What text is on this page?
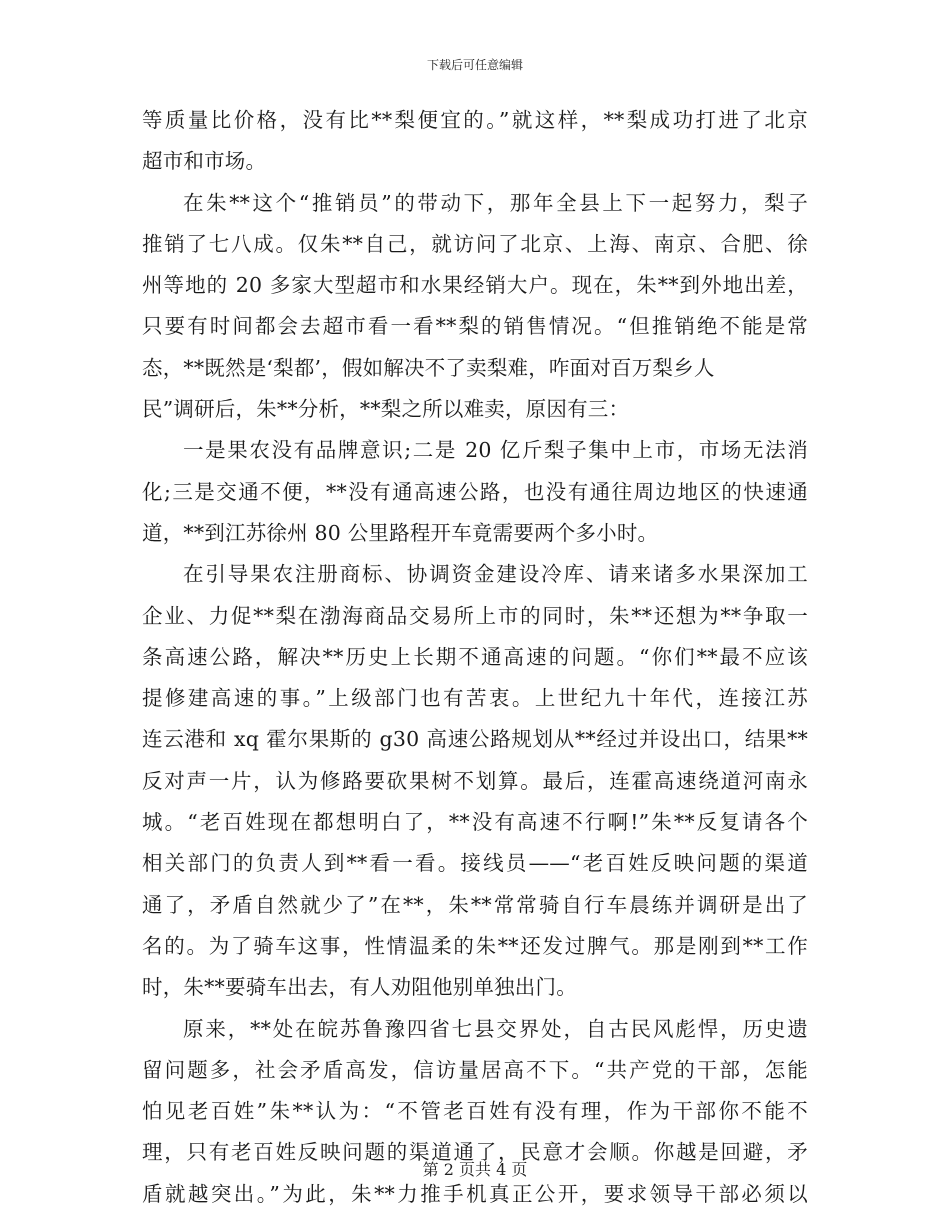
下载后可任意编辑
等质量比价格，没有比**梨便宜的。”就这样，**梨成功打进了北京
超市和市场。
在朱**这个“推销员”的带动下，那年全县上下一起努力，梨子
推销了七八成。仅朱**自己，就访问了北京、上海、南京、合肥、徐
州等地的 20 多家大型超市和水果经销大户。现在，朱**到外地出差，
只要有时间都会去超市看一看**梨的销售情况。“但推销绝不能是常
态，**既然是‘梨都’，假如解决不了卖梨难，咋面对百万梨乡人
民”调研后，朱**分析，**梨之所以难卖，原因有三：
一是果农没有品牌意识;二是 20 亿斤梨子集中上市，市场无法消
化;三是交通不便，**没有通高速公路，也没有通往周边地区的快速通
道，**到江苏徐州 80 公里路程开车竟需要两个多小时。
在引导果农注册商标、协调资金建设冷库、请来诸多水果深加工
企业、力促**梨在渤海商品交易所上市的同时，朱**还想为**争取一
条高速公路，解决**历史上长期不通高速的问题。“你们**最不应该
提修建高速的事。”上级部门也有苦衷。上世纪九十年代，连接江苏
连云港和 xq 霍尔果斯的 g30 高速公路规划从**经过并设出口，结果**
反对声一片，认为修路要砍果树不划算。最后，连霍高速绕道河南永
城。“老百姓现在都想明白了，**没有高速不行啊!”朱**反复请各个
相关部门的负责人到**看一看。接线员——“老百姓反映问题的渠道
通了，矛盾自然就少了”在**，朱**常常骑自行车晨练并调研是出了
名的。为了骑车这事，性情温柔的朱**还发过脾气。那是刚到**工作
时，朱**要骑车出去，有人劝阻他别单独出门。
原来，**处在皖苏鲁豫四省七县交界处，自古民风彪悍，历史遗
留问题多，社会矛盾高发，信访量居高不下。“共产党的干部，怎能
怕见老百姓”朱**认为：“不管老百姓有没有理，作为干部你不能不
理，只有老百姓反映问题的渠道通了，民意才会顺。你越是回避，矛
盾就越突出。”为此，朱**力推手机真正公开，要求领导干部必须以
第 2 页共 4 页
